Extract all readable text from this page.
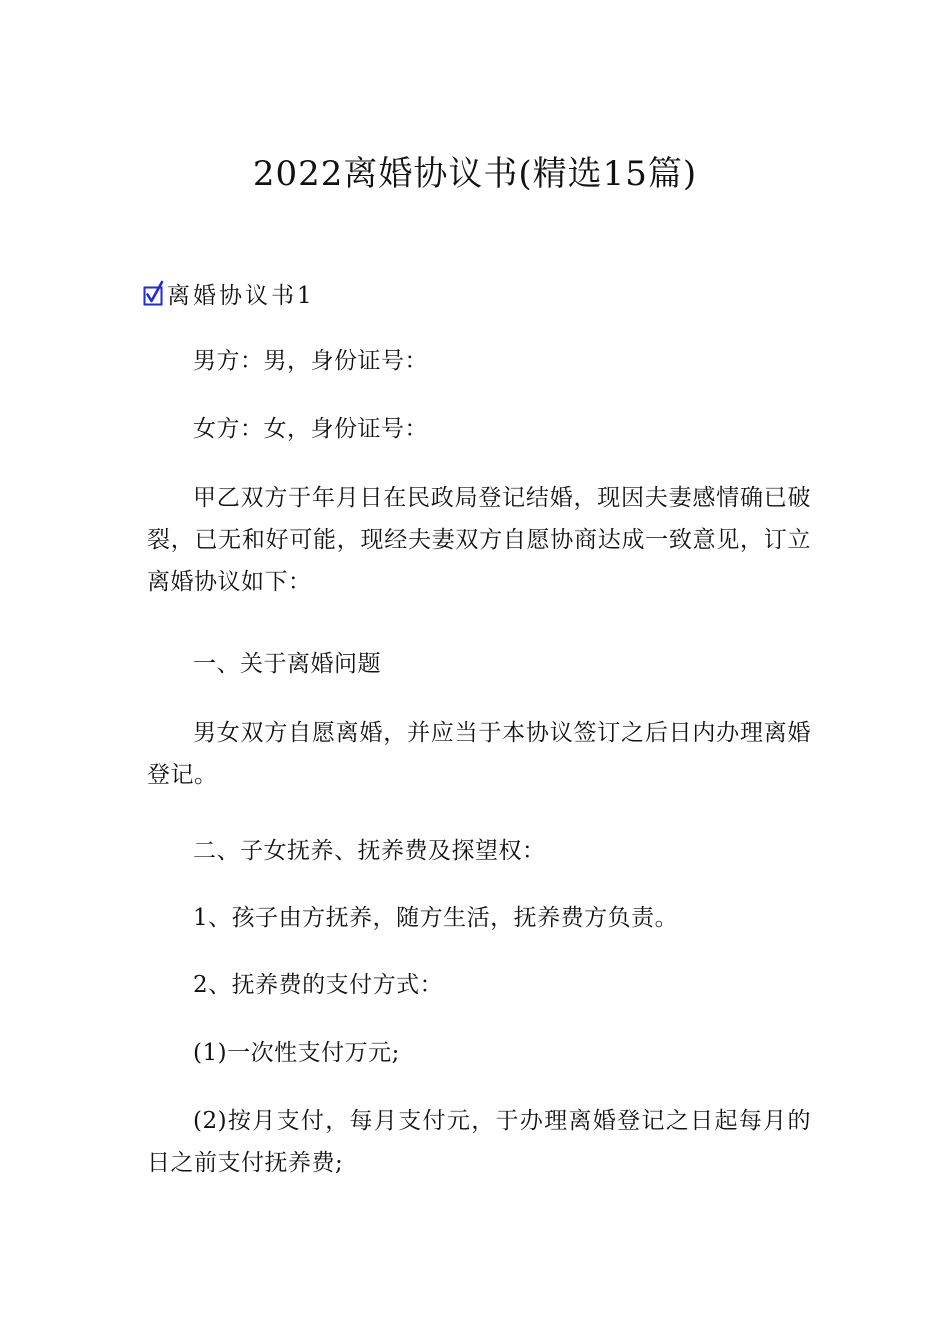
2022离婚协议书(精选15篇)
离婚协议书1

男方：男，身份证号：

女方：女，身份证号：

甲乙双方于年月日在民政局登记结婚，现因夫妻感情确已破裂，已无和好可能，现经夫妻双方自愿协商达成一致意见，订立离婚协议如下：

一、关于离婚问题

男女双方自愿离婚，并应当于本协议签订之后日内办理离婚登记。

二、子女抚养、抚养费及探望权：

1、孩子由方抚养，随方生活，抚养费方负责。

2、抚养费的支付方式：

(1)一次性支付万元;

(2)按月支付，每月支付元，于办理离婚登记之日起每月的日之前支付抚养费;
